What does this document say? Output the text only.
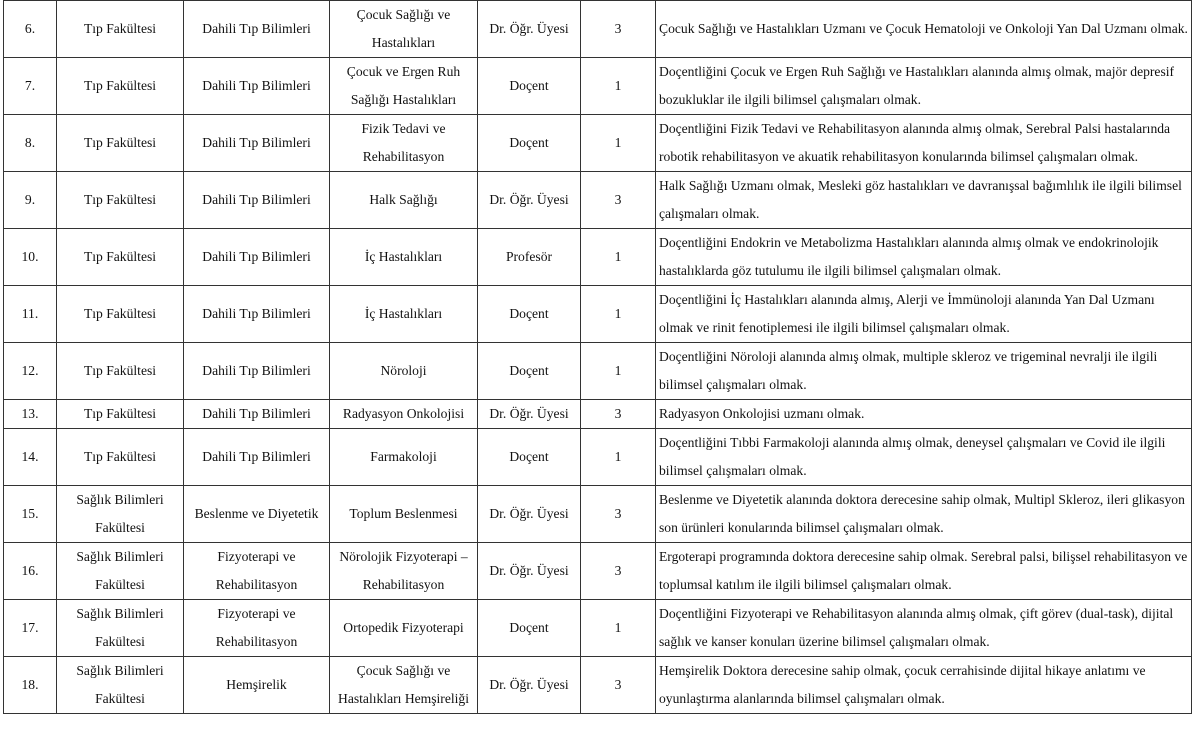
6.	Tıp Fakültesi	Dahili Tıp Bilimleri	Çocuk Sağlığı ve Hastalıkları	Dr. Öğr. Üyesi	3	Çocuk Sağlığı ve Hastalıkları Uzmanı ve Çocuk Hematoloji ve Onkoloji Yan Dal Uzmanı olmak.
7.	Tıp Fakültesi	Dahili Tıp Bilimleri	Çocuk ve Ergen Ruh Sağlığı Hastalıkları	Doçent	1	Doçentliğini Çocuk ve Ergen Ruh Sağlığı ve Hastalıkları alanında almış olmak, majör depresif bozukluklar ile ilgili bilimsel çalışmaları olmak.
8.	Tıp Fakültesi	Dahili Tıp Bilimleri	Fizik Tedavi ve Rehabilitasyon	Doçent	1	Doçentliğini Fizik Tedavi ve Rehabilitasyon alanında almış olmak, Serebral Palsi hastalarında robotik rehabilitasyon ve akuatik rehabilitasyon konularında bilimsel çalışmaları olmak.
9.	Tıp Fakültesi	Dahili Tıp Bilimleri	Halk Sağlığı	Dr. Öğr. Üyesi	3	Halk Sağlığı Uzmanı olmak, Mesleki göz hastalıkları ve davranışsal bağımlılık ile ilgili bilimsel çalışmaları olmak.
10.	Tıp Fakültesi	Dahili Tıp Bilimleri	İç Hastalıkları	Profesör	1	Doçentliğini Endokrin ve Metabolizma Hastalıkları alanında almış olmak ve endokrinolojik hastalıklarda göz tutulumu ile ilgili bilimsel çalışmaları olmak.
11.	Tıp Fakültesi	Dahili Tıp Bilimleri	İç Hastalıkları	Doçent	1	Doçentliğini İç Hastalıkları alanında almış, Alerji ve İmmünoloji alanında Yan Dal Uzmanı olmak ve rinit fenotiplemesi ile ilgili bilimsel çalışmaları olmak.
12.	Tıp Fakültesi	Dahili Tıp Bilimleri	Nöroloji	Doçent	1	Doçentliğini Nöroloji alanında almış olmak, multiple skleroz ve trigeminal nevralji ile ilgili bilimsel çalışmaları olmak.
13.	Tıp Fakültesi	Dahili Tıp Bilimleri	Radyasyon Onkolojisi	Dr. Öğr. Üyesi	3	Radyasyon Onkolojisi uzmanı olmak.
14.	Tıp Fakültesi	Dahili Tıp Bilimleri	Farmakoloji	Doçent	1	Doçentliğini Tıbbi Farmakoloji alanında almış olmak, deneysel çalışmaları ve Covid ile ilgili bilimsel çalışmaları olmak.
15.	Sağlık Bilimleri Fakültesi	Beslenme ve Diyetetik	Toplum Beslenmesi	Dr. Öğr. Üyesi	3	Beslenme ve Diyetetik alanında doktora derecesine sahip olmak, Multipl Skleroz, ileri glikasyon son ürünleri konularında bilimsel çalışmaları olmak.
16.	Sağlık Bilimleri Fakültesi	Fizyoterapi ve Rehabilitasyon	Nörolojik Fizyoterapi – Rehabilitasyon	Dr. Öğr. Üyesi	3	Ergoterapi programında doktora derecesine sahip olmak. Serebral palsi, bilişsel rehabilitasyon ve toplumsal katılım ile ilgili bilimsel çalışmaları olmak.
17.	Sağlık Bilimleri Fakültesi	Fizyoterapi ve Rehabilitasyon	Ortopedik Fizyoterapi	Doçent	1	Doçentliğini Fizyoterapi ve Rehabilitasyon alanında almış olmak, çift görev (dual-task), dijital sağlık ve kanser konuları üzerine bilimsel çalışmaları olmak.
18.	Sağlık Bilimleri Fakültesi	Hemşirelik	Çocuk Sağlığı ve Hastalıkları Hemşireliği	Dr. Öğr. Üyesi	3	Hemşirelik Doktora derecesine sahip olmak, çocuk cerrahisinde dijital hikaye anlatımı ve oyunlaştırma alanlarında bilimsel çalışmaları olmak.
